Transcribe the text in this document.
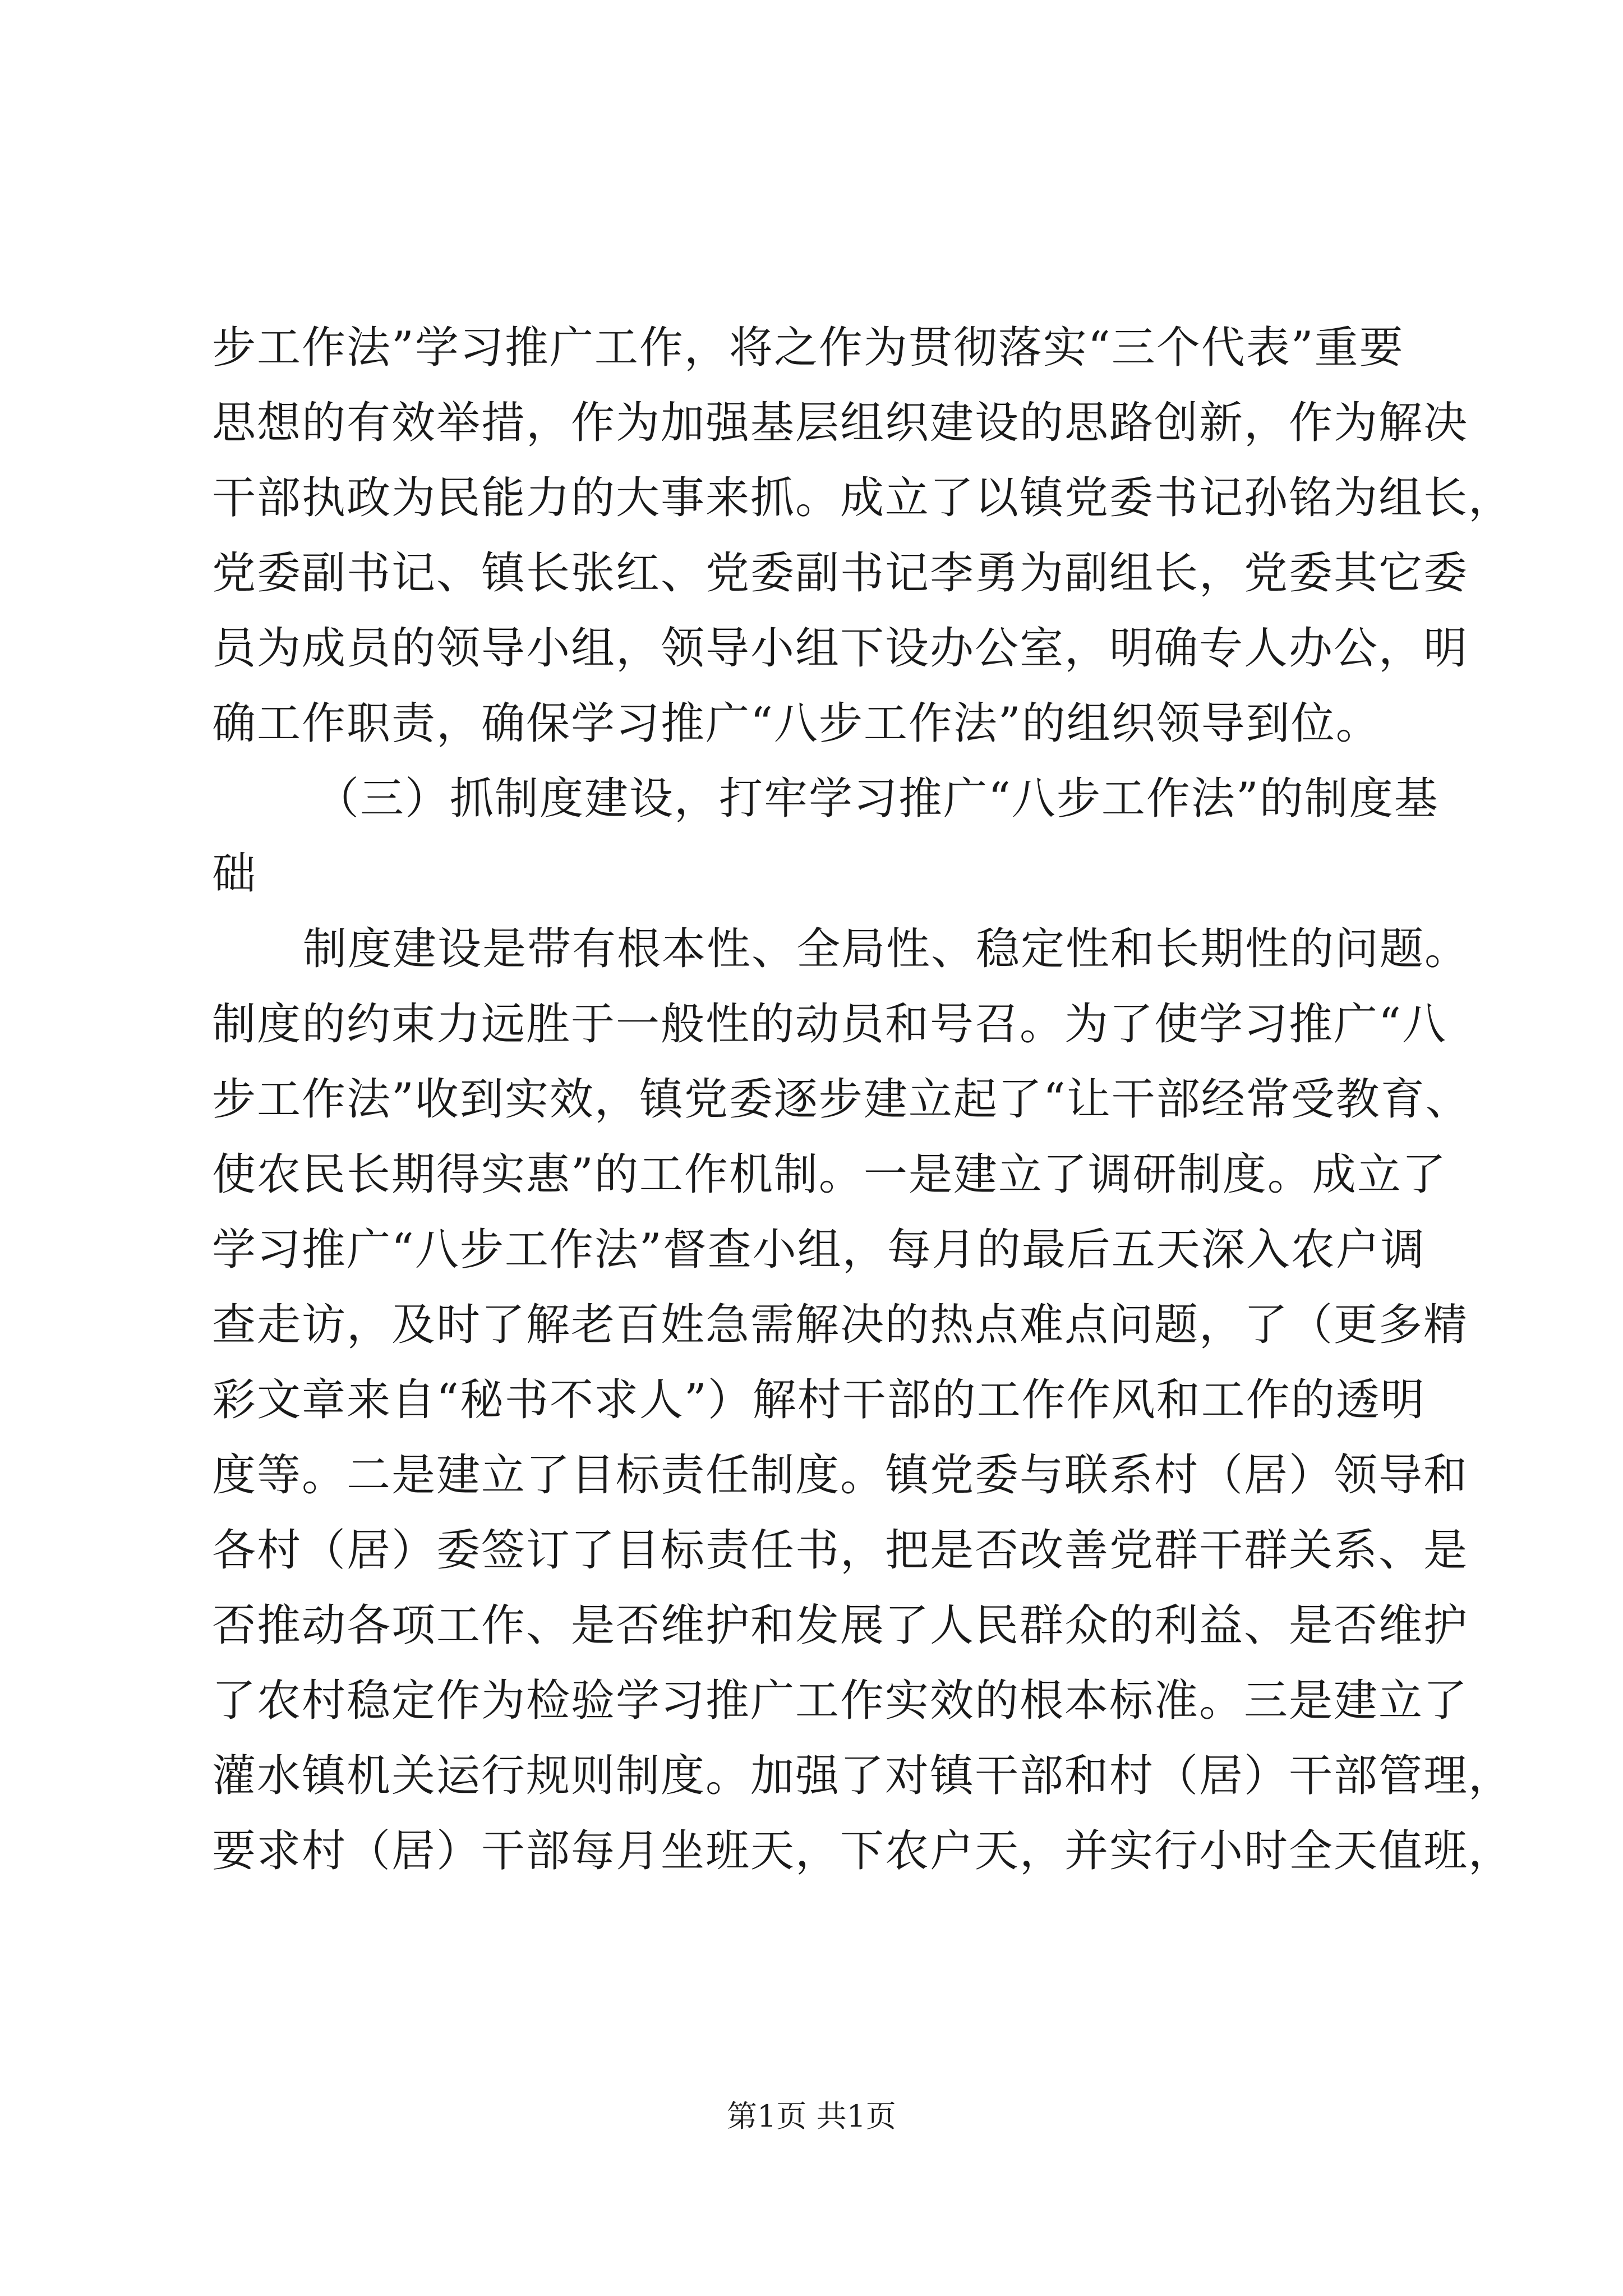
步工作法”学习推广工作，将之作为贯彻落实“三个代表”重要
思想的有效举措，作为加强基层组织建设的思路创新，作为解决
干部执政为民能力的大事来抓。成立了以镇党委书记孙铭为组长，
党委副书记、镇长张红、党委副书记李勇为副组长，党委其它委
员为成员的领导小组，领导小组下设办公室，明确专人办公，明
确工作职责，确保学习推广“八步工作法”的组织领导到位。
（三）抓制度建设，打牢学习推广“八步工作法”的制度基
础
制度建设是带有根本性、全局性、稳定性和长期性的问题。
制度的约束力远胜于一般性的动员和号召。为了使学习推广“八
步工作法”收到实效，镇党委逐步建立起了“让干部经常受教育、
使农民长期得实惠”的工作机制。一是建立了调研制度。成立了
学习推广“八步工作法”督查小组，每月的最后五天深入农户调
查走访，及时了解老百姓急需解决的热点难点问题，了（更多精
彩文章来自“秘书不求人”）解村干部的工作作风和工作的透明
度等。二是建立了目标责任制度。镇党委与联系村（居）领导和
各村（居）委签订了目标责任书，把是否改善党群干群关系、是
否推动各项工作、是否维护和发展了人民群众的利益、是否维护
了农村稳定作为检验学习推广工作实效的根本标准。三是建立了
灌水镇机关运行规则制度。加强了对镇干部和村（居）干部管理，
要求村（居）干部每月坐班天，下农户天，并实行小时全天值班，
第1页 共1页
